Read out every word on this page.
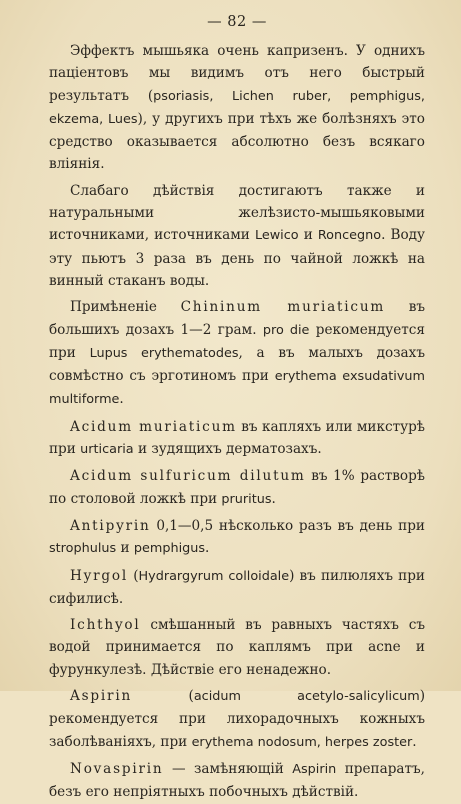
— 82 —

Эффектъ мышьяка очень капризенъ. У однихъ пацiентовъ мы видимъ отъ него быстрый результатъ (psoriasis, Lichen ruber, pemphigus, ekzema, Lues), у другихъ при тѣхъ же болѣзняхъ это средство оказывается абсолютно безъ всякаго влiянiя.

Слабаго дѣйствiя достигаютъ также и натуральными желѣзисто-мышьяковыми источниками, источниками Lewico и Roncegno. Воду эту пьютъ 3 раза въ день по чайной ложкѣ на винный стаканъ воды.

Примѣненiе Chininum muriaticum въ большихъ дозахъ 1—2 грам. pro die рекомендуется при Lupus erythematodes, а въ малыхъ дозахъ совмѣстно съ эрготиномъ при erythema exsudativum multiforme.

Acidum muriaticum въ капляхъ или микстурѣ при urticaria и зудящихъ дерматозахъ.

Acidum sulfuricum dilutum въ 1% растворѣ по столовой ложкѣ при pruritus.

Antipyrin 0,1—0,5 нѣсколько разъ въ день при strophulus и pemphigus.

Hyrgol (Hydrargyrum colloidale) въ пилюляхъ при сифилисѣ.

Ichthyol смѣшанный въ равныхъ частяхъ съ водой принимается по каплямъ при acne и фурункулезѣ. Дѣйствiе его ненадежно.

Aspirin (acidum acetylo-salicylicum) рекомендуется при лихорадочныхъ кожныхъ заболѣванiяхъ, при erythema nodosum, herpes zoster.

Novaspirin — замѣняющiй Aspirin препаратъ, безъ его непрiятныхъ побочныхъ дѣйствiй.
